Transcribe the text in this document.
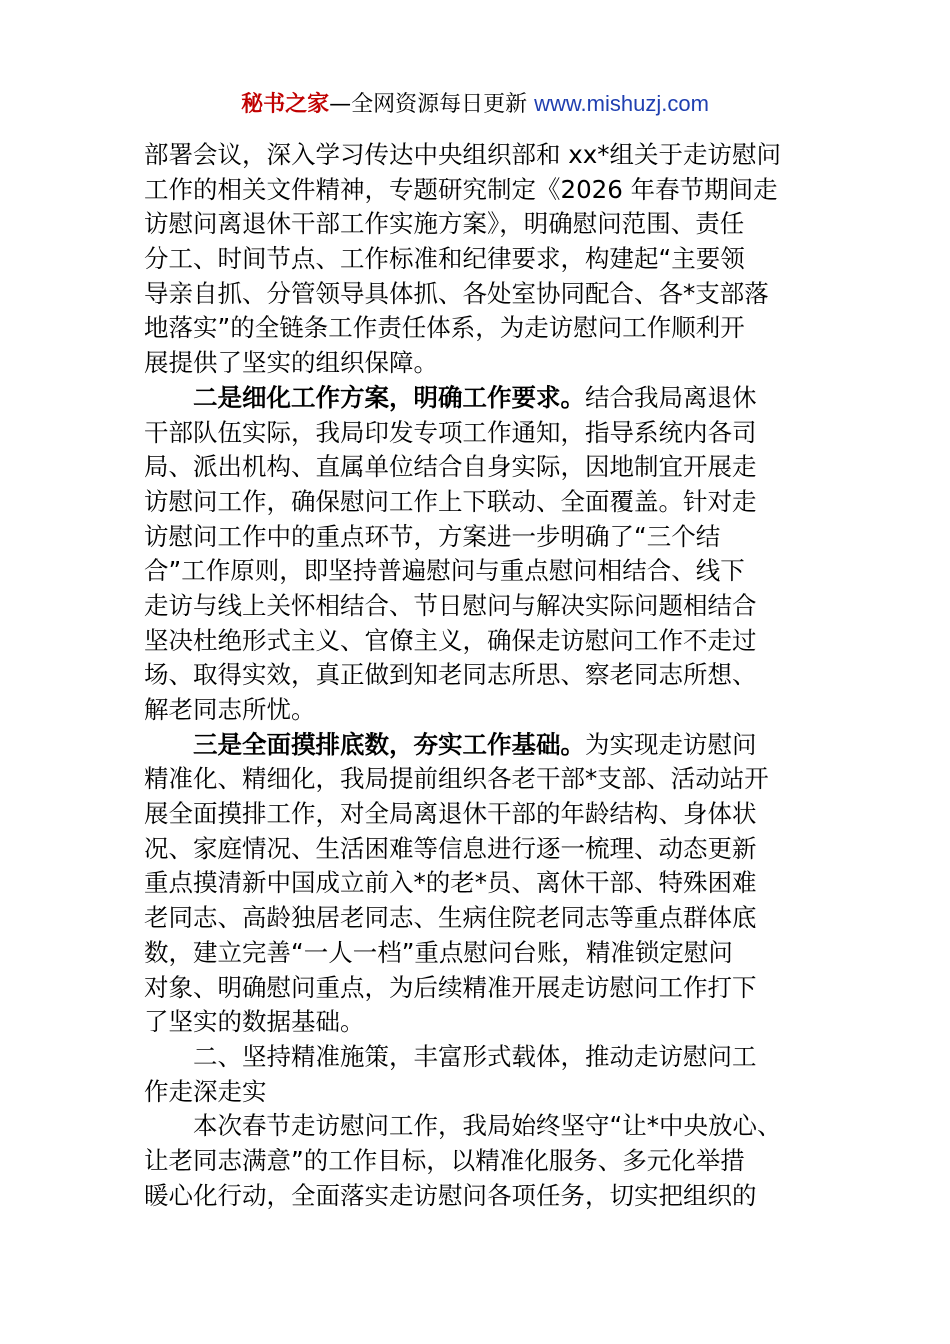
秘书之家—全网资源每日更新 www.mishuzj.com
部署会议，深入学习传达中央组织部和 xx*组关于走访慰问
工作的相关文件精神，专题研究制定《2026 年春节期间走
访慰问离退休干部工作实施方案》，明确慰问范围、责任
分工、时间节点、工作标准和纪律要求，构建起“主要领
导亲自抓、分管领导具体抓、各处室协同配合、各*支部落
地落实”的全链条工作责任体系，为走访慰问工作顺利开
展提供了坚实的组织保障。
二是细化工作方案，明确工作要求。结合我局离退休
干部队伍实际，我局印发专项工作通知，指导系统内各司
局、派出机构、直属单位结合自身实际，因地制宜开展走
访慰问工作，确保慰问工作上下联动、全面覆盖。针对走
访慰问工作中的重点环节，方案进一步明确了“三个结
合”工作原则，即坚持普遍慰问与重点慰问相结合、线下
走访与线上关怀相结合、节日慰问与解决实际问题相结合
坚决杜绝形式主义、官僚主义，确保走访慰问工作不走过
场、取得实效，真正做到知老同志所思、察老同志所想、
解老同志所忧。
三是全面摸排底数，夯实工作基础。为实现走访慰问
精准化、精细化，我局提前组织各老干部*支部、活动站开
展全面摸排工作，对全局离退休干部的年龄结构、身体状
况、家庭情况、生活困难等信息进行逐一梳理、动态更新
重点摸清新中国成立前入*的老*员、离休干部、特殊困难
老同志、高龄独居老同志、生病住院老同志等重点群体底
数，建立完善“一人一档”重点慰问台账，精准锁定慰问
对象、明确慰问重点，为后续精准开展走访慰问工作打下
了坚实的数据基础。
二、坚持精准施策，丰富形式载体，推动走访慰问工
作走深走实
本次春节走访慰问工作，我局始终坚守“让*中央放心、
让老同志满意”的工作目标，以精准化服务、多元化举措
暖心化行动，全面落实走访慰问各项任务，切实把组织的
